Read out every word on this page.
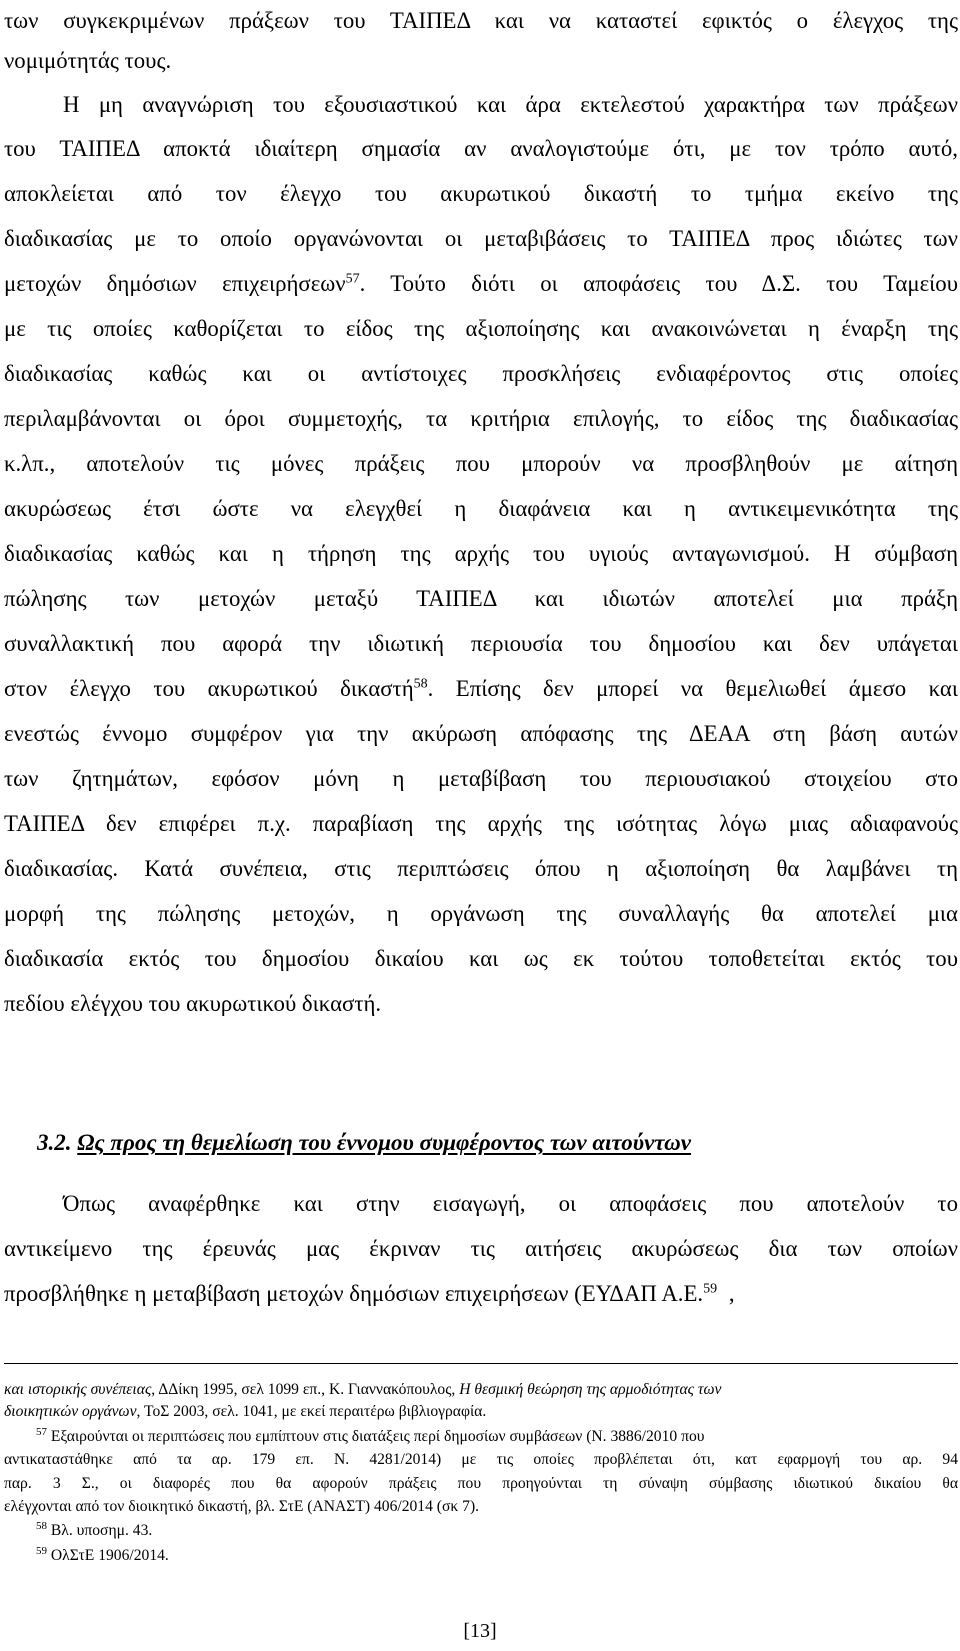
των συγκεκριμένων πράξεων του ΤΑΙΠΕΔ και να καταστεί εφικτός ο έλεγχος της
νομιμότητάς τους.
Η μη αναγνώριση του εξουσιαστικού και άρα εκτελεστού χαρακτήρα των πράξεων
του ΤΑΙΠΕΔ αποκτά ιδιαίτερη σημασία αν αναλογιστούμε ότι, με τον τρόπο αυτό,
αποκλείεται από τον έλεγχο του ακυρωτικού δικαστή το τμήμα εκείνο της
διαδικασίας με το οποίο οργανώνονται οι μεταβιβάσεις το ΤΑΙΠΕΔ προς ιδιώτες των
μετοχών δημόσιων επιχειρήσεων$^{57}$. Τούτο διότι οι αποφάσεις του Δ.Σ. του Ταμείου
με τις οποίες καθορίζεται το είδος της αξιοποίησης και ανακοινώνεται η έναρξη της
διαδικασίας καθώς και οι αντίστοιχες προσκλήσεις ενδιαφέροντος στις οποίες
περιλαμβάνονται οι όροι συμμετοχής, τα κριτήρια επιλογής, το είδος της διαδικασίας
κ.λπ., αποτελούν τις μόνες πράξεις που μπορούν να προσβληθούν με αίτηση
ακυρώσεως έτσι ώστε να ελεγχθεί η διαφάνεια και η αντικειμενικότητα της
διαδικασίας καθώς και η τήρηση της αρχής του υγιούς ανταγωνισμού. Η σύμβαση
πώλησης των μετοχών μεταξύ ΤΑΙΠΕΔ και ιδιωτών αποτελεί μια πράξη
συναλλακτική που αφορά την ιδιωτική περιουσία του δημοσίου και δεν υπάγεται
στον έλεγχο του ακυρωτικού δικαστή$^{58}$. Επίσης δεν μπορεί να θεμελιωθεί άμεσο και
ενεστώς έννομο συμφέρον για την ακύρωση απόφασης της ΔΕΑΑ στη βάση αυτών
των ζητημάτων, εφόσον μόνη η μεταβίβαση του περιουσιακού στοιχείου στο
ΤΑΙΠΕΔ δεν επιφέρει π.χ. παραβίαση της αρχής της ισότητας λόγω μιας αδιαφανούς
διαδικασίας. Κατά συνέπεια, στις περιπτώσεις όπου η αξιοποίηση θα λαμβάνει τη
μορφή της πώλησης μετοχών, η οργάνωση της συναλλαγής θα αποτελεί μια
διαδικασία εκτός του δημοσίου δικαίου και ως εκ τούτου τοποθετείται εκτός του
πεδίου ελέγχου του ακυρωτικού δικαστή.
3.2. Ως προς τη θεμελίωση του έννομου συμφέροντος των αιτούντων
Όπως αναφέρθηκε και στην εισαγωγή, οι αποφάσεις που αποτελούν το
αντικείμενο της έρευνάς μας έκριναν τις αιτήσεις ακυρώσεως δια των οποίων
προσβλήθηκε η μεταβίβαση μετοχών δημόσιων επιχειρήσεων (ΕΥΔΑΠ Α.Ε.$^{59}$ ,
και ιστορικής συνέπειας, ΔΔίκη 1995, σελ 1099 επ., Κ. Γιαννακόπουλος, Η θεσμική θεώρηση της αρμοδιότητας των
διοικητικών οργάνων, ΤοΣ 2003, σελ. 1041, με εκεί περαιτέρω βιβλιογραφία.
$^{57}$ Εξαιρούνται οι περιπτώσεις που εμπίπτουν στις διατάξεις περί δημοσίων συμβάσεων (Ν. 3886/2010 που
αντικαταστάθηκε από τα αρ. 179 επ. Ν. 4281/2014) με τις οποίες προβλέπεται ότι, κατ εφαρμογή του αρ. 94
παρ. 3 Σ., οι διαφορές που θα αφορούν πράξεις που προηγούνται τη σύναψη σύμβασης ιδιωτικού δικαίου θα
ελέγχονται από τον διοικητικό δικαστή, βλ. ΣτΕ (ΑΝΑΣΤ) 406/2014 (σκ 7).
$^{58}$ Βλ. υποσημ. 43.
$^{59}$ ΟλΣτΕ 1906/2014.
[13]
